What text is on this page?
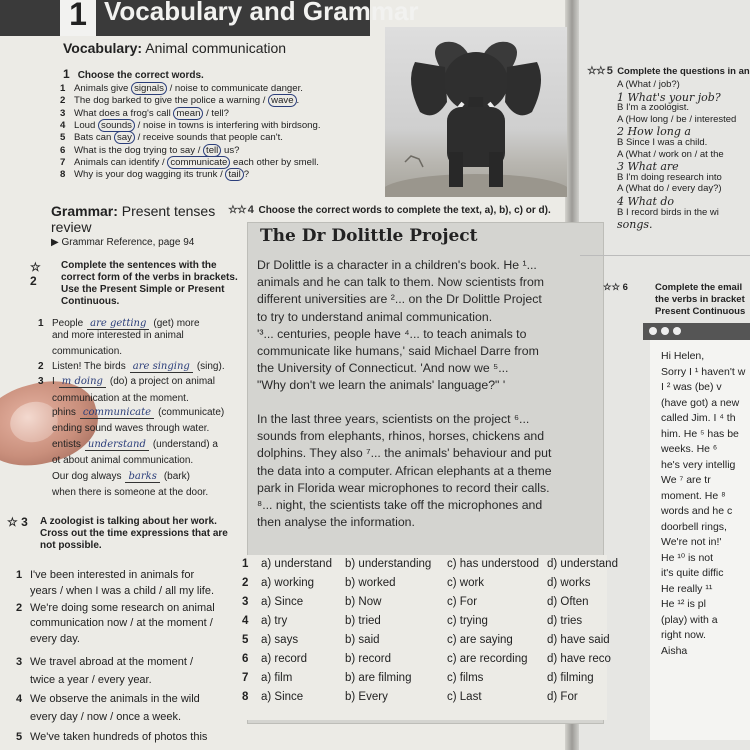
1 Vocabulary and Grammar
Vocabulary: Animal communication
1 Choose the correct words.
Grammar: Present tenses
review
▶ Grammar Reference, page 94
☆☆ 4 Choose the correct words to complete the text, a), b), c) or d).
☆ 2
☆ 3
The Dr Dolittle Project
Dr Dolittle is a character in a children's book. He ¹...
animals and he can talk to them. Now scientists from
different universities are ²... on the Dr Dolittle Project
to try to understand animal communication.
'³... centuries, people have ⁴... to teach animals to
communicate like humans,' said Michael Darre from
the University of Connecticut. 'And now we ⁵...
"Why don't we learn the animals' language?" '
In the last three years, scientists on the project ⁶...
sounds from elephants, rhinos, horses, chickens and
dolphins. They also ⁷... the animals' behaviour and put
the data into a computer. African elephants at a theme
park in Florida wear microphones to record their calls.
⁸... night, the scientists take off the microphones and
then analyse the information.
☆☆ 5 Complete the questions in an
☆☆ 6
1 Animals give signals / noise to communicate danger.
2 The dog barked to give the police a warning / wave .
3 What does a frog's call mean / tell?
4 Loud sounds / noise in towns is interfering with birdsong.
5 Bats can say / receive sounds that people can't.
6 What is the dog trying to say / tell us?
7 Animals can identify / communicate each other by smell.
8 Why is your dog wagging its trunk / tail ?
Complete the sentences with the
correct form of the verbs in brackets.
Use the Present Simple or Present
Continuous.
1 People are getting (get) more
and more interested in animal
communication.
2 Listen! The birds are singing (sing).
3 I m doing (do) a project on animal
communication at the moment.
phins communicate (communicate)
ending sound waves through water.
entists understand (understand) a
ot about animal communication.
Our dog always barks (bark)
when there is someone at the door.
A zoologist is talking about her work.
Cross out the time expressions that are
not possible.
1 I've been interested in animals for
years / when I was a child / all my life.
2 We're doing some research on animal
communication now / at the moment /
every day.
3 We travel abroad at the moment /
twice a year / every year.
4 We observe the animals in the wild
every day / now / once a week.
5 We've taken hundreds of photos this
1 a) understand b) understanding c) has understood d) understand
2 a) working	b) worked	c) work	d) works
3 a) Since	b) Now	c) For	d) Often
4 a) try	b) tried	c) trying	d) tries
5 a) says	b) said	c) are saying	d) have said
6 a) record	b) record	c) are recording d) have reco
7 a) film	b) are filming	c) films	d) filming
8 a) Since	b) Every	c) Last	d) For
A (What / job?)
1 What's your job?
B I'm a zoologist.
A (How long / be / interested
2 How long a
B Since I was a child.
A (What / work on / at the
3 What are
B I'm doing research into
A (What do / every day?)
4 What do
B I record birds in the wi
songs.
Complete the email
the verbs in bracket
Present Continuous
Hi Helen,
Sorry I ¹ haven't w
I ² was (be) v
(have got) a new
called Jim. I ⁴ th
him. He ⁵ has be
weeks. He ⁶
he's very intellig
We ⁷ are tr
moment. He ⁸
words and he c
doorbell rings,
We're not in!'
He ¹⁰ is not
it's quite diffic
He really ¹¹
He ¹² is pl
(play) with a
right now.
Aisha
